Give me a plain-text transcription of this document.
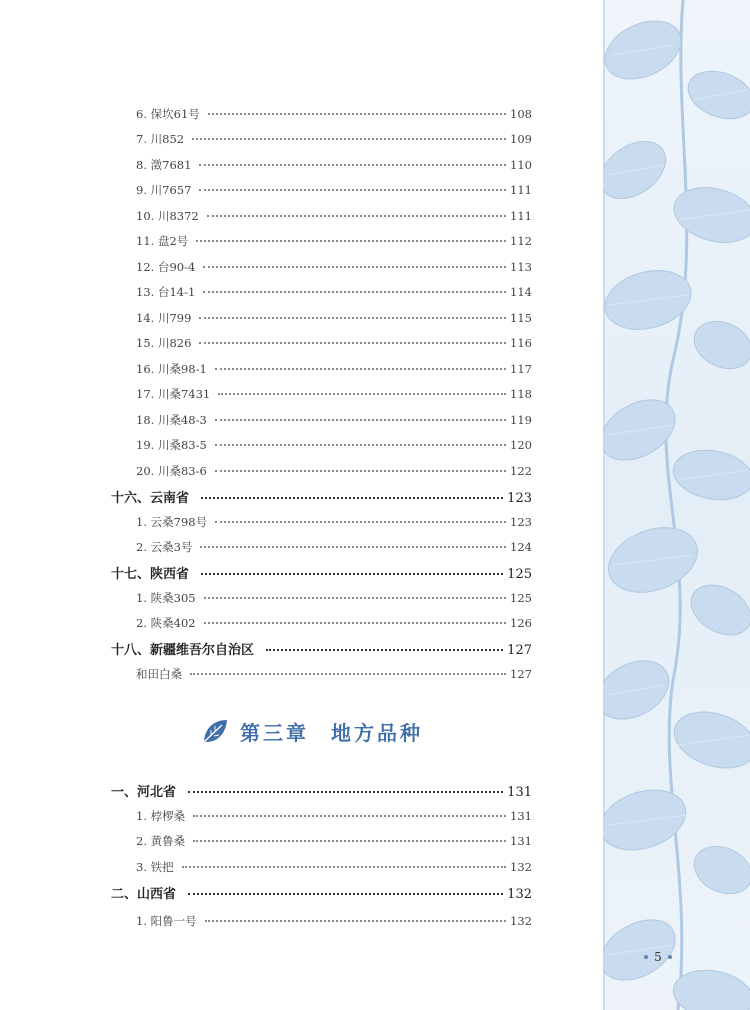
6. 保坎61号	108
7. 川852	109
8. 澂7681	110
9. 川7657	111
10. 川8372	111
11. 盘2号	112
12. 台90-4	113
13. 台14-1	114
14. 川799	115
15. 川826	116
16. 川桑98-1	117
17. 川桑7431	118
18. 川桑48-3	119
19. 川桑83-5	120
20. 川桑83-6	122
十六、云南省	123
1. 云桑798号	123
2. 云桑3号	124
十七、陕西省	125
1. 陕桑305	125
2. 陕桑402	126
十八、新疆维吾尔自治区	127
和田白桑	127
第三章 地方品种
一、河北省	131
1. 桲椤桑	131
2. 黄鲁桑	131
3. 铁把	132
二、山西省	132
1. 阳鲁一号	132
5
